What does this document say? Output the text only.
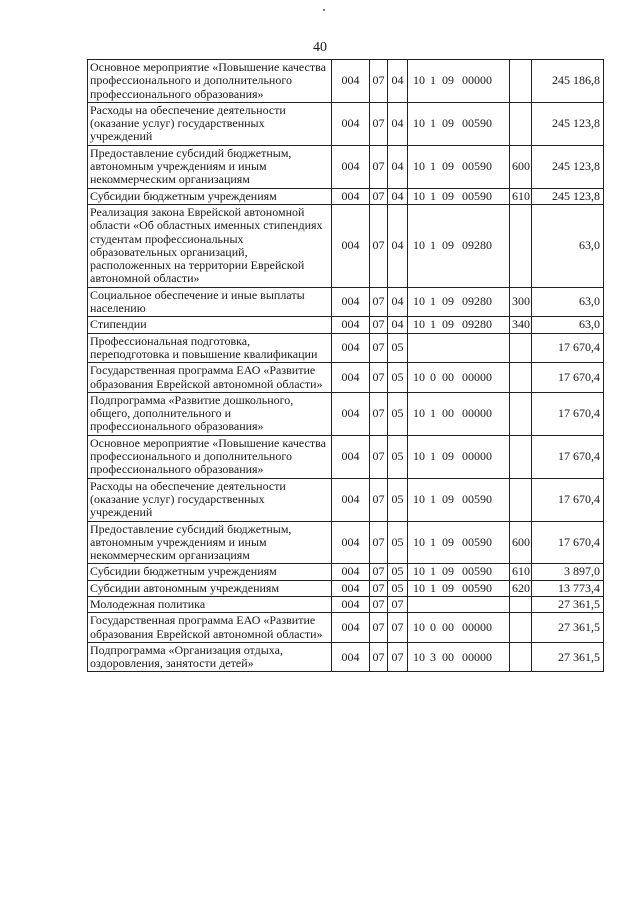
40
Основное мероприятие «Повышение качества профессионального и дополнительного профессионального образования»	004	07	04	10 1 09 00000		245 186,8
Расходы на обеспечение деятельности (оказание услуг) государственных учреждений	004	07	04	10 1 09 00590		245 123,8
Предоставление субсидий бюджетным, автономным учреждениям и иным некоммерческим организациям	004	07	04	10 1 09 00590	600	245 123,8
Субсидии бюджетным учреждениям	004	07	04	10 1 09 00590	610	245 123,8
Реализация закона Еврейской автономной области «Об областных именных стипендиях студентам профессиональных образовательных организаций, расположенных на территории Еврейской автономной области»	004	07	04	10 1 09 09280		63,0
Социальное обеспечение и иные выплаты населению	004	07	04	10 1 09 09280	300	63,0
Стипендии	004	07	04	10 1 09 09280	340	63,0
Профессиональная подготовка, переподготовка и повышение квалификации	004	07	05			17 670,4
Государственная программа ЕАО «Развитие образования Еврейской автономной области»	004	07	05	10 0 00 00000		17 670,4
Подпрограмма «Развитие дошкольного, общего, дополнительного и профессионального образования»	004	07	05	10 1 00 00000		17 670,4
Основное мероприятие «Повышение качества профессионального и дополнительного профессионального образования»	004	07	05	10 1 09 00000		17 670,4
Расходы на обеспечение деятельности (оказание услуг) государственных учреждений	004	07	05	10 1 09 00590		17 670,4
Предоставление субсидий бюджетным, автономным учреждениям и иным некоммерческим организациям	004	07	05	10 1 09 00590	600	17 670,4
Субсидии бюджетным учреждениям	004	07	05	10 1 09 00590	610	3 897,0
Субсидии автономным учреждениям	004	07	05	10 1 09 00590	620	13 773,4
Молодежная политика	004	07	07			27 361,5
Государственная программа ЕАО «Развитие образования Еврейской автономной области»	004	07	07	10 0 00 00000		27 361,5
Подпрограмма «Организация отдыха, оздоровления, занятости детей»	004	07	07	10 3 00 00000		27 361,5
